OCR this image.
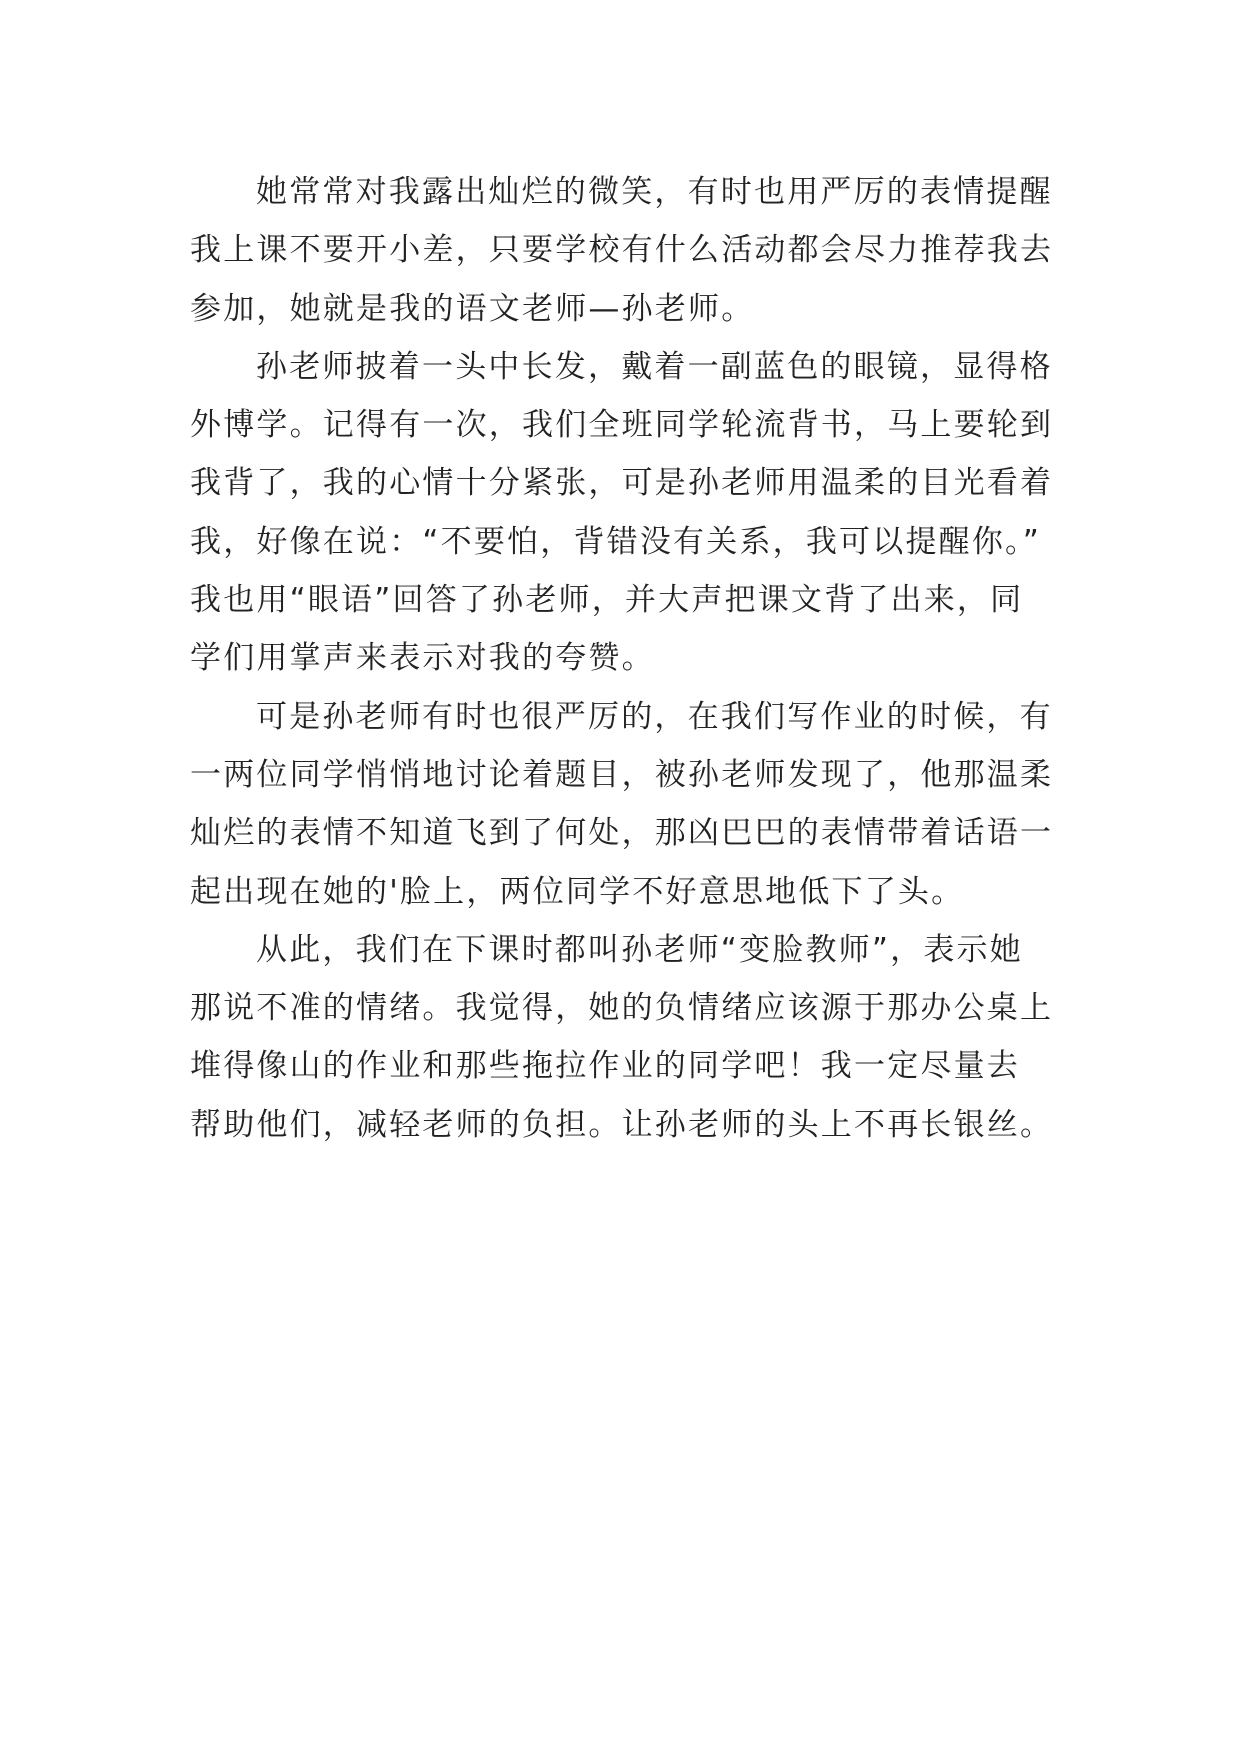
她常常对我露出灿烂的微笑，有时也用严厉的表情提醒
我上课不要开小差，只要学校有什么活动都会尽力推荐我去
参加，她就是我的语文老师—孙老师。
孙老师披着一头中长发，戴着一副蓝色的眼镜，显得格
外博学。记得有一次，我们全班同学轮流背书，马上要轮到
我背了，我的心情十分紧张，可是孙老师用温柔的目光看着
我，好像在说：“不要怕，背错没有关系，我可以提醒你。”
我也用“眼语”回答了孙老师，并大声把课文背了出来，同
学们用掌声来表示对我的夸赞。
可是孙老师有时也很严厉的，在我们写作业的时候，有
一两位同学悄悄地讨论着题目，被孙老师发现了，他那温柔
灿烂的表情不知道飞到了何处，那凶巴巴的表情带着话语一
起出现在她的'脸上，两位同学不好意思地低下了头。
从此，我们在下课时都叫孙老师“变脸教师”，表示她
那说不准的情绪。我觉得，她的负情绪应该源于那办公桌上
堆得像山的作业和那些拖拉作业的同学吧！我一定尽量去
帮助他们，减轻老师的负担。让孙老师的头上不再长银丝。
